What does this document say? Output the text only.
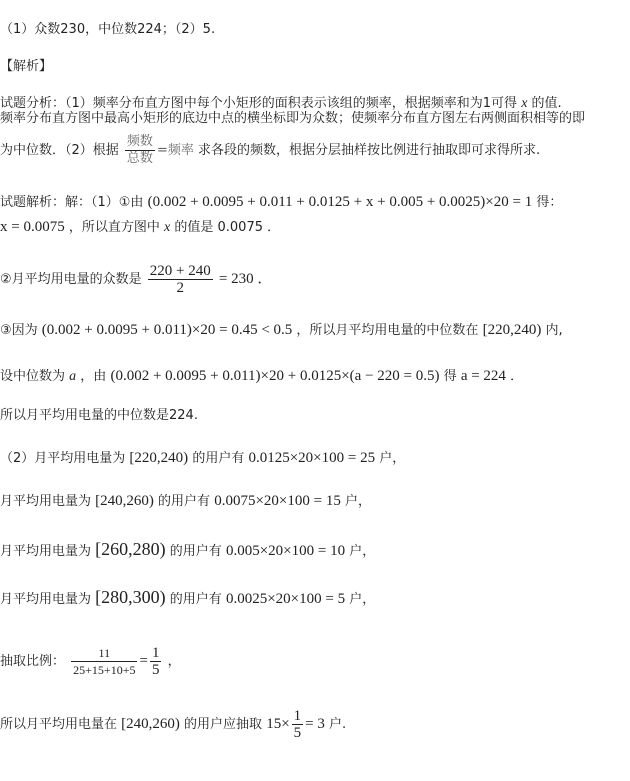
（1）众数230，中位数224；（2）5.
【解析】
试题分析：（1）频率分布直方图中每个小矩形的面积表示该组的频率，根据频率和为1可得 x 的值.
频率分布直方图中最高小矩形的底边中点的横坐标即为众数；使频率分布直方图左右两侧面积相等的即
为中位数．（2）根据 $\frac{\text{频数}}{\text{总数}}$ =频率 求各段的频数，根据分层抽样按比例进行抽取即可求得所求.
试题解析：解：（1）①由 (0.002 + 0.0095 + 0.011 + 0.0125 + x + 0.005 + 0.0025)×20 = 1 得：
x = 0.0075 ，所以直方图中 x 的值是 0.0075 ．
②月平均用电量的众数是 $\frac{220 + 240}{2} = 230$ ．
③因为 (0.002 + 0.0095 + 0.011)×20 = 0.45 < 0.5 ，所以月平均用电量的中位数在 [220,240) 内,
设中位数为 a ，由 (0.002 + 0.0095 + 0.011)×20 + 0.0125×(a − 220 = 0.5) 得 a = 224 ．
所以月平均用电量的中位数是224.
（2）月平均用电量为 [220,240) 的用户有 0.0125×20×100 = 25 户，
月平均用电量为 [240,260) 的用户有 0.0075×20×100 = 15 户，
月平均用电量为 [260,280) 的用户有 0.005×20×100 = 10 户，
月平均用电量为 [280,300) 的用户有 0.0025×20×100 = 5 户，
抽取比例： $\frac{11}{25+15+10+5} = \frac{1}{5}$ ，
所以月平均用电量在 [240,260) 的用户应抽取 $15\times \frac{1}{5} = 3$ 户.
